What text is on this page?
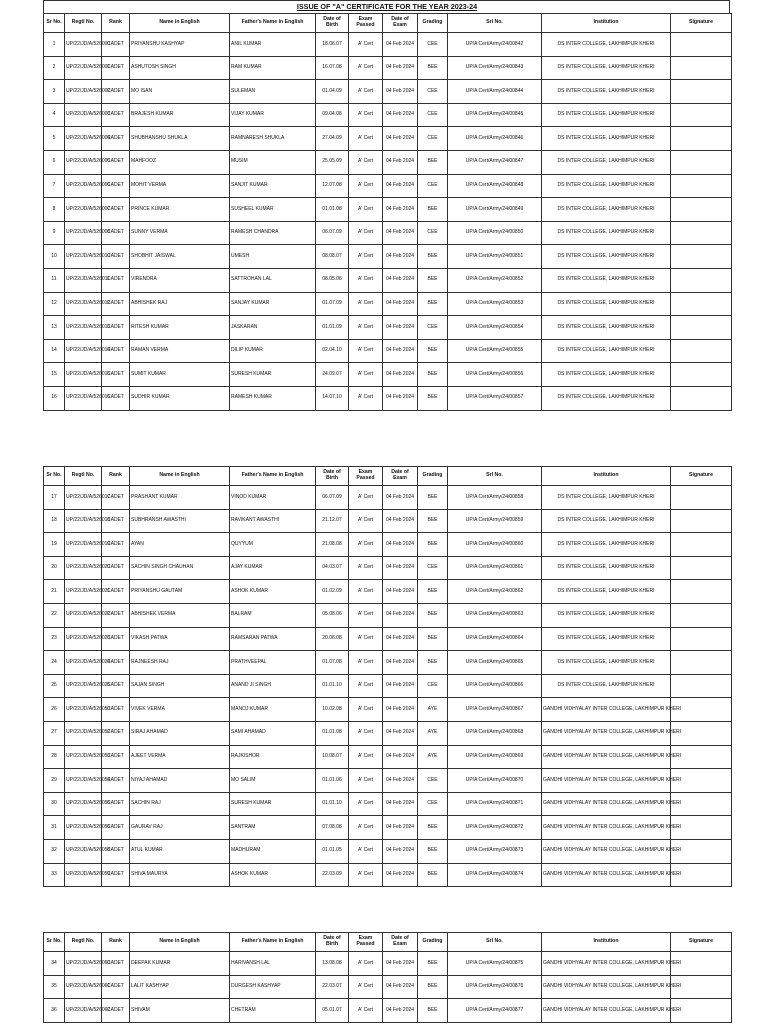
ISSUE OF "A" CERTIFICATE FOR THE YEAR 2023-24
Sr No.	Regtl No.	Rank	Name in English	Father's Name in English	Date of Birth	Exam Passed	Date of Exam	Grading	Srl No.	Institution	Signature
1	UP/22/JD/A/526000	CADET	PRIYANSHU KASHYAP	ANIL KUMAR	18.06.07	A' Cert	04 Feb 2024	CEE	UP/A Cert/Army/24/00842	DS INTER COLLEGE, LAKHIMPUR KHERI	
2	UP/22/JD/A/526001	CADET	ASHUTOSH SINGH	RAM KUMAR	16.07.08	A' Cert	04 Feb 2024	BEE	UP/A Cert/Army/24/00843	DS INTER COLLEGE, LAKHIMPUR KHERI	
3	UP/22/JD/A/526002	CADET	MO ISAN	SULEMAN	01.04.09	A' Cert	04 Feb 2024	CEE	UP/A Cert/Army/24/00844	DS INTER COLLEGE, LAKHIMPUR KHERI	
4	UP/22/JD/A/526003	CADET	BRAJESH KUMAR	VIJAY KUMAR	09.04.08	A' Cert	04 Feb 2024	CEE	UP/A Cert/Army/24/00845	DS INTER COLLEGE, LAKHIMPUR KHERI	
5	UP/22/JD/A/526004	CADET	SHUBHANSHU SHUKLA	RAMNARESH SHUKLA	27.04.09	A' Cert	04 Feb 2024	CEE	UP/A Cert/Army/24/00846	DS INTER COLLEGE, LAKHIMPUR KHERI	
6	UP/22/JD/A/526005	CADET	MAHFOOZ	MUSIM	25.05.09	A' Cert	04 Feb 2024	BEE	UP/A Cert/Army/24/00847	DS INTER COLLEGE, LAKHIMPUR KHERI	
7	UP/22/JD/A/526006	CADET	MOHIT VERMA	SANJIT KUMAR	12.07.08	A' Cert	04 Feb 2024	CEE	UP/A Cert/Army/24/00848	DS INTER COLLEGE, LAKHIMPUR KHERI	
8	UP/22/JD/A/526007	CADET	PRINCE KUMAR	SUSHEEL KUMAR	01.01.08	A' Cert	04 Feb 2024	BEE	UP/A Cert/Army/24/00849	DS INTER COLLEGE, LAKHIMPUR KHERI	
9	UP/22/JD/A/526008	CADET	SUNNY VERMA	RAMESH CHANDRA	06.07.09	A' Cert	04 Feb 2024	CEE	UP/A Cert/Army/24/00850	DS INTER COLLEGE, LAKHIMPUR KHERI	
10	UP/22/JD/A/526010	CADET	SHOBHIT JAISWAL	UMESH	08.08.07	A' Cert	04 Feb 2024	BEE	UP/A Cert/Army/24/00851	DS INTER COLLEGE, LAKHIMPUR KHERI	
11	UP/22/JD/A/526011	CADET	VIRENDRA	SATTROHAN LAL	08.05.06	A' Cert	04 Feb 2024	BEE	UP/A Cert/Army/24/00852	DS INTER COLLEGE, LAKHIMPUR KHERI	
12	UP/22/JD/A/526012	CADET	ABHISHEK RAJ	SANJAY KUMAR	01.07.09	A' Cert	04 Feb 2024	BEE	UP/A Cert/Army/24/00853	DS INTER COLLEGE, LAKHIMPUR KHERI	
13	UP/22/JD/A/526013	CADET	RITESH KUMAR	JASKARAN	01.01.09	A' Cert	04 Feb 2024	CEE	UP/A Cert/Army/24/00854	DS INTER COLLEGE, LAKHIMPUR KHERI	
14	UP/22/JD/A/526014	CADET	RAMAN VERMA	DILIP KUMAR	02.04.10	A' Cert	04 Feb 2024	BEE	UP/A Cert/Army/24/00855	DS INTER COLLEGE, LAKHIMPUR KHERI	
15	UP/22/JD/A/526015	CADET	SUMIT KUMAR	SURESH KUMAR	24.09.07	A' Cert	04 Feb 2024	BEE	UP/A Cert/Army/24/00856	DS INTER COLLEGE, LAKHIMPUR KHERI	
16	UP/22/JD/A/526016	CADET	SUDHIR KUMAR	RAMESH KUMAR	14.07.10	A' Cert	04 Feb 2024	BEE	UP/A Cert/Army/24/00857	DS INTER COLLEGE, LAKHIMPUR KHERI	
Sr No.	Regtl No.	Rank	Name in English	Father's Name in English	Date of Birth	Exam Passed	Date of Exam	Grading	Srl No.	Institution	Signature
17	UP/22/JD/A/526017	CADET	PRASHANT KUMAR	VINOD KUMAR	06.07.09	A' Cert	04 Feb 2024	BEE	UP/A Cert/Army/24/00858	DS INTER COLLEGE, LAKHIMPUR KHERI	
18	UP/22/JD/A/526018	CADET	SUBHRANSH AWASTHI	RAVIKANT AWASTHI	21.12.07	A' Cert	04 Feb 2024	BEE	UP/A Cert/Army/24/00859	DS INTER COLLEGE, LAKHIMPUR KHERI	
19	UP/22/JD/A/526019	CADET	AYAN	QUYYUM	21.08.08	A' Cert	04 Feb 2024	BEE	UP/A Cert/Army/24/00860	DS INTER COLLEGE, LAKHIMPUR KHERI	
20	UP/22/JD/A/526020	CADET	SACHIN SINGH CHAUHAN	AJAY KUMAR	04.03.07	A' Cert	04 Feb 2024	CEE	UP/A Cert/Army/24/00861	DS INTER COLLEGE, LAKHIMPUR KHERI	
21	UP/22/JD/A/526021	CADET	PRIYANSHU GAUTAM	ASHOK KUMAR	01.02.09	A' Cert	04 Feb 2024	BEE	UP/A Cert/Army/24/00862	DS INTER COLLEGE, LAKHIMPUR KHERI	
22	UP/22/JD/A/526022	CADET	ABHISHEK VERMA	BALRAM	05.08.06	A' Cert	04 Feb 2024	BEE	UP/A Cert/Army/24/00863	DS INTER COLLEGE, LAKHIMPUR KHERI	
23	UP/22/JD/A/526023	CADET	VIKASH PATWA	RAMSARAN PATWA	20.06.08	A' Cert	04 Feb 2024	BEE	UP/A Cert/Army/24/00864	DS INTER COLLEGE, LAKHIMPUR KHERI	
24	UP/22/JD/A/526024	CADET	RAJNEESH RAJ	PRATHVEEPAL	01.07.08	A' Cert	04 Feb 2024	BEE	UP/A Cert/Army/24/00865	DS INTER COLLEGE, LAKHIMPUR KHERI	
25	UP/22/JD/A/526025	CADET	SAJAN SINGH	ANAND JI SINGH	01.01.10	A' Cert	04 Feb 2024	CEE	UP/A Cert/Army/24/00866	DS INTER COLLEGE, LAKHIMPUR KHERI	
26	UP/22/JD/A/526050	CADET	VIVEK VERMA	MANOJ KUMAR	10.02.08	A' Cert	04 Feb 2024	AYE	UP/A Cert/Army/24/00867	GANDHI VIDHYALAY INTER COLLEGE, LAKHIMPUR KHERI	
27	UP/22/JD/A/526052	CADET	SIRAJ AHAMAD	SAMI AHAMAD	01.01.08	A' Cert	04 Feb 2024	AYE	UP/A Cert/Army/24/00868	GANDHI VIDHYALAY INTER COLLEGE, LAKHIMPUR KHERI	
28	UP/22/JD/A/526053	CADET	AJEET VERMA	RAJKISHOR	10.08.07	A' Cert	04 Feb 2024	AYE	UP/A Cert/Army/24/00869	GANDHI VIDHYALAY INTER COLLEGE, LAKHIMPUR KHERI	
29	UP/22/JD/A/526054	CADET	NIYAJ AHAMAD	MO SALIM	01.01.06	A' Cert	04 Feb 2024	CEE	UP/A Cert/Army/24/00870	GANDHI VIDHYALAY INTER COLLEGE, LAKHIMPUR KHERI	
30	UP/22/JD/A/526055	CADET	SACHIN RAJ	SURESH KUMAR	01.01.10	A' Cert	04 Feb 2024	CEE	UP/A Cert/Army/24/00871	GANDHI VIDHYALAY INTER COLLEGE, LAKHIMPUR KHERI	
31	UP/22/JD/A/526056	CADET	GAURAV RAJ	SANTRAM	07.08.08	A' Cert	04 Feb 2024	BEE	UP/A Cert/Army/24/00872	GANDHI VIDHYALAY INTER COLLEGE, LAKHIMPUR KHERI	
32	UP/22/JD/A/526058	CADET	ATUL KUMAR	MADHURAM	01.01.05	A' Cert	04 Feb 2024	BEE	UP/A Cert/Army/24/00873	GANDHI VIDHYALAY INTER COLLEGE, LAKHIMPUR KHERI	
33	UP/22/JD/A/526059	CADET	SHIVA MAURYA	ASHOK KUMAR	22.03.09	A' Cert	04 Feb 2024	BEE	UP/A Cert/Army/24/00874	GANDHI VIDHYALAY INTER COLLEGE, LAKHIMPUR KHERI	
Sr No.	Regtl No.	Rank	Name in English	Father's Name in English	Date of Birth	Exam Passed	Date of Exam	Grading	Srl No.	Institution	Signature
34	UP/22/JD/A/526060	CADET	DEEPAK KUMAR	HARIVANSH LAL	13.08.08	A' Cert	04 Feb 2024	BEE	UP/A Cert/Army/24/00875	GANDHI VIDHYALAY INTER COLLEGE, LAKHIMPUR KHERI	
35	UP/22/JD/A/526061	CADET	LALIT KASHYAP	DURGESH KASHYAP	22.03.07	A' Cert	04 Feb 2024	BEE	UP/A Cert/Army/24/00876	GANDHI VIDHYALAY INTER COLLEGE, LAKHIMPUR KHERI	
36	UP/22/JD/A/526062	CADET	SHIVAM	CHETRAM	05.01.07	A' Cert	04 Feb 2024	BEE	UP/A Cert/Army/24/00877	GANDHI VIDHYALAY INTER COLLEGE, LAKHIMPUR KHERI	
